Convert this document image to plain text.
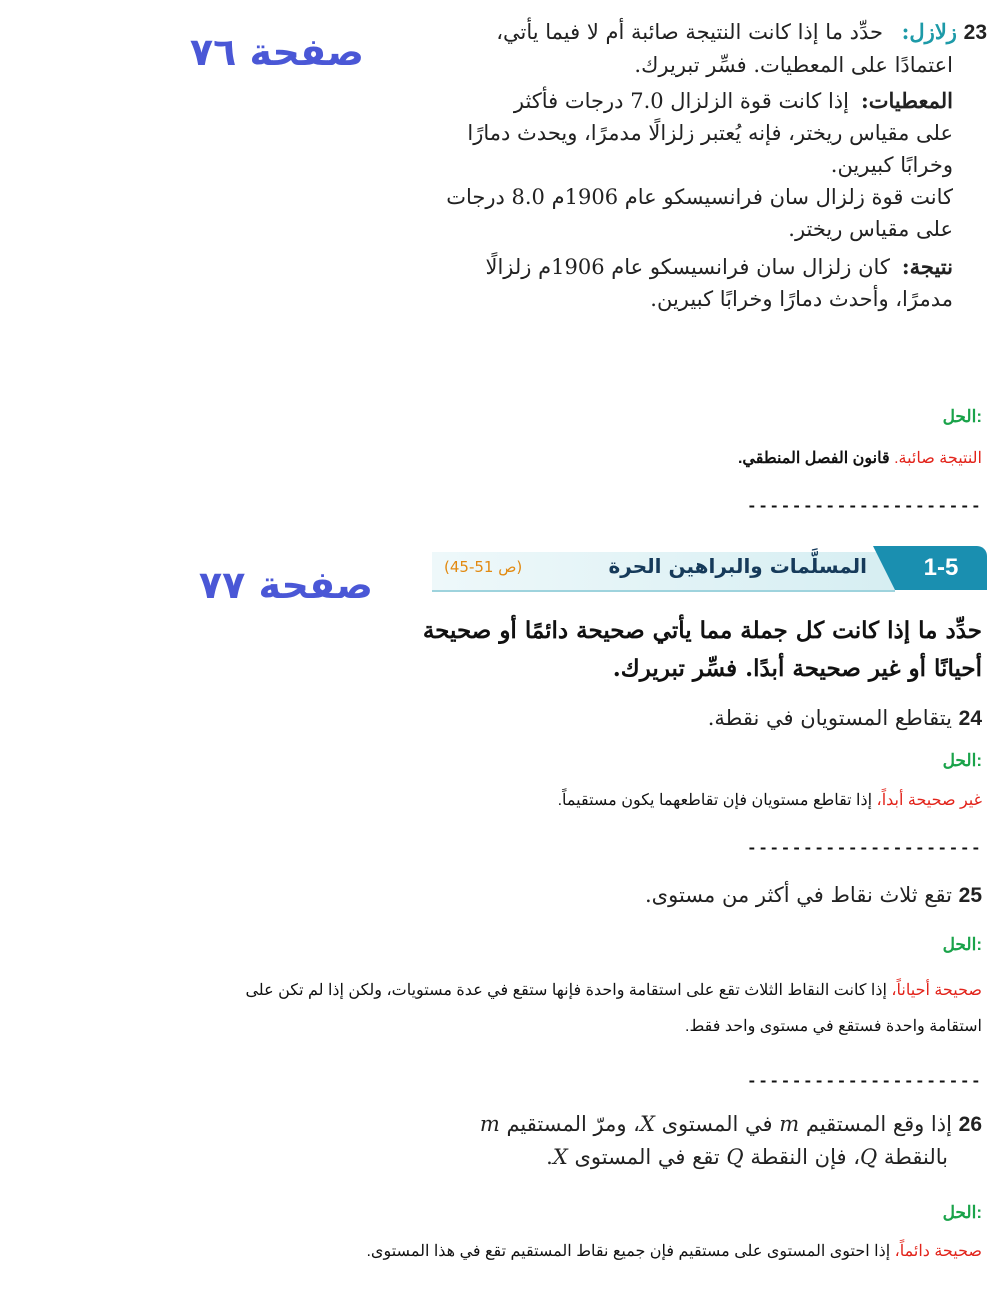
صفحة ٧٦
صفحة ٧٧
23 زلازل: حدِّد ما إذا كانت النتيجة صائبة أم لا فيما يأتي،
اعتمادًا على المعطيات. فسِّر تبريرك.
المعطيات:إذا كانت قوة الزلزال 7.0 درجات فأكثر
على مقياس ريختر، فإنه يُعتبر زلزالًا مدمرًا، ويحدث دمارًا
وخرابًا كبيرين.
كانت قوة زلزال سان فرانسيسكو عام 1906م 8.0 درجات
على مقياس ريختر.
نتيجة:كان زلزال سان فرانسيسكو عام 1906م زلزالًا
مدمرًا، وأحدث دمارًا وخرابًا كبيرين.
الحل:
النتيجة صائبة. قانون الفصل المنطقي.
---------------------
1-5
المسلَّمات والبراهين الحرة
(ص 51-45)
حدِّد ما إذا كانت كل جملة مما يأتي صحيحة دائمًا أو صحيحة
أحيانًا أو غير صحيحة أبدًا. فسِّر تبريرك.
24 يتقاطع المستويان في نقطة.
الحل:
غير صحيحة أبداً، إذا تقاطع مستويان فإن تقاطعهما يكون مستقيماً.
---------------------
25 تقع ثلاث نقاط في أكثر من مستوى.
الحل:
صحيحة أحياناً، إذا كانت النقاط الثلاث تقع على استقامة واحدة فإنها ستقع في عدة مستويات، ولكن إذا لم تكن على
استقامة واحدة فستقع في مستوى واحد فقط.
---------------------
26 إذا وقع المستقيم m في المستوى X، ومرّ المستقيم m
بالنقطة Q، فإن النقطة Q تقع في المستوى X.
الحل:
صحيحة دائماً، إذا احتوى المستوى على مستقيم فإن جميع نقاط المستقيم تقع في هذا المستوى.
